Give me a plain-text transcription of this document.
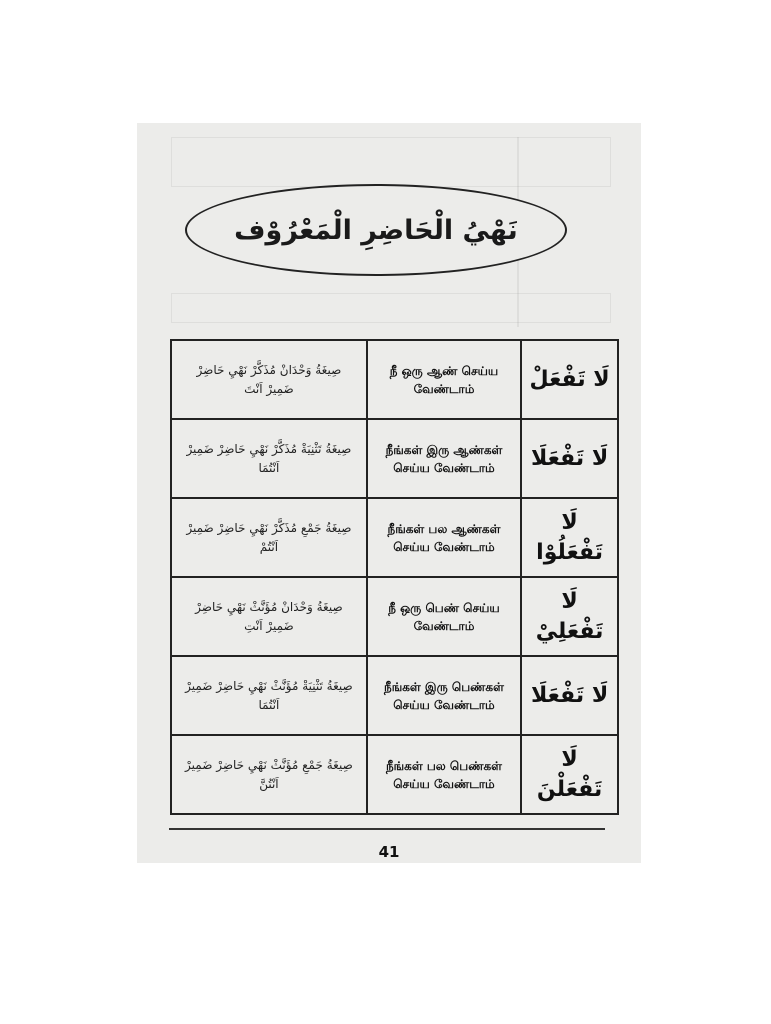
نَهْيُ الْحَاضِرِ الْمَعْرُوْف
صِيغَةُ وَحْدَانْ مُذَكَّرْ نَهْيِ حَاضِرْ ضَمِيرْ اَنْتَ	நீ ஒரு ஆண் செய்ய வேண்டாம்	لَا تَفْعَلْ

صِيغَةُ تَثْنِيَةْ مُذَكَّرْ نَهْيِ حَاضِرْ ضَمِيرْ اَنْتُمَا	நீங்கள் இரு ஆண்கள் செய்ய வேண்டாம்	لَا تَفْعَلَا

صِيغَةُ جَمْعِ مُذَكَّرْ نَهْيِ حَاضِرْ ضَمِيرْ اَنْتُمْ	நீங்கள் பல ஆண்கள் செய்ய வேண்டாம்	لَا تَفْعَلُوْا

صِيغَةُ وَحْدَانْ مُؤَنَّثْ نَهْيِ حَاضِرْ ضَمِيرْ اَنْتِ	நீ ஒரு பெண் செய்ய வேண்டாம்	لَا تَفْعَلِيْ

صِيغَةُ تَثْنِيَةْ مُؤَنَّثْ نَهْيِ حَاضِرْ ضَمِيرْ اَنْتُمَا	நீங்கள் இரு பெண்கள் செய்ய வேண்டாம்	لَا تَفْعَلَا

صِيغَةُ جَمْعِ مُؤَنَّثْ نَهْيِ حَاضِرْ ضَمِيرْ اَنْتُنَّ	நீங்கள் பல பெண்கள் செய்ய வேண்டாம்	لَا تَفْعَلْنَ
41
